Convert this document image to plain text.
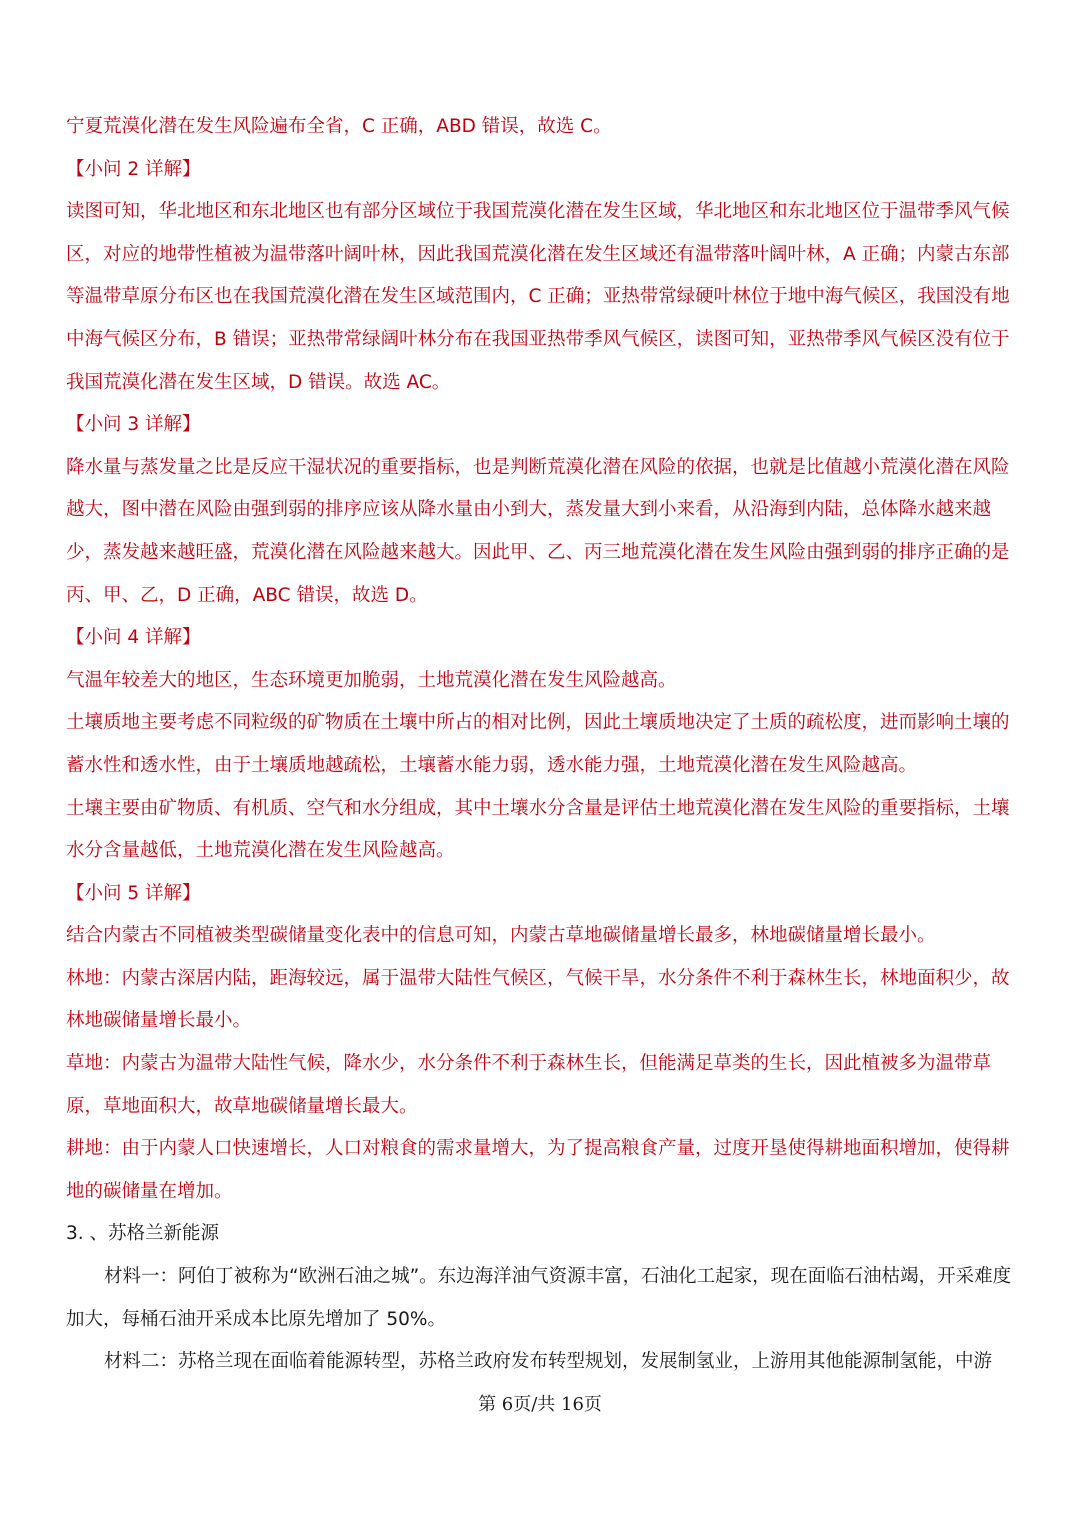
宁夏荒漠化潜在发生风险遍布全省，C 正确，ABD 错误，故选 C。

【小问 2 详解】

读图可知，华北地区和东北地区也有部分区域位于我国荒漠化潜在发生区域，华北地区和东北地区位于温带季风气候区，对应的地带性植被为温带落叶阔叶林，因此我国荒漠化潜在发生区域还有温带落叶阔叶林，A 正确；内蒙古东部等温带草原分布区也在我国荒漠化潜在发生区域范围内，C 正确；亚热带常绿硬叶林位于地中海气候区，我国没有地中海气候区分布，B 错误；亚热带常绿阔叶林分布在我国亚热带季风气候区，读图可知，亚热带季风气候区没有位于我国荒漠化潜在发生区域，D 错误。故选 AC。

【小问 3 详解】

降水量与蒸发量之比是反应干湿状况的重要指标，也是判断荒漠化潜在风险的依据，也就是比值越小荒漠化潜在风险越大，图中潜在风险由强到弱的排序应该从降水量由小到大，蒸发量大到小来看，从沿海到内陆，总体降水越来越少，蒸发越来越旺盛，荒漠化潜在风险越来越大。因此甲、乙、丙三地荒漠化潜在发生风险由强到弱的排序正确的是丙、甲、乙，D 正确，ABC 错误，故选 D。

【小问 4 详解】

气温年较差大的地区，生态环境更加脆弱，土地荒漠化潜在发生风险越高。

土壤质地主要考虑不同粒级的矿物质在土壤中所占的相对比例，因此土壤质地决定了土质的疏松度，进而影响土壤的蓄水性和透水性，由于土壤质地越疏松，土壤蓄水能力弱，透水能力强，土地荒漠化潜在发生风险越高。

土壤主要由矿物质、有机质、空气和水分组成，其中土壤水分含量是评估土地荒漠化潜在发生风险的重要指标，土壤水分含量越低，土地荒漠化潜在发生风险越高。

【小问 5 详解】

结合内蒙古不同植被类型碳储量变化表中的信息可知，内蒙古草地碳储量增长最多，林地碳储量增长最小。

林地：内蒙古深居内陆，距海较远，属于温带大陆性气候区，气候干旱，水分条件不利于森林生长，林地面积少，故林地碳储量增长最小。

草地：内蒙古为温带大陆性气候，降水少，水分条件不利于森林生长，但能满足草类的生长，因此植被多为温带草原，草地面积大，故草地碳储量增长最大。

耕地：由于内蒙人口快速增长，人口对粮食的需求量增大，为了提高粮食产量，过度开垦使得耕地面积增加，使得耕地的碳储量在增加。

3. 、苏格兰新能源

材料一：阿伯丁被称为“欧洲石油之城”。东边海洋油气资源丰富，石油化工起家，现在面临石油枯竭，开采难度加大，每桶石油开采成本比原先增加了 50%。

材料二：苏格兰现在面临着能源转型，苏格兰政府发布转型规划，发展制氢业，上游用其他能源制氢能，中游

第 6页/共 16页
